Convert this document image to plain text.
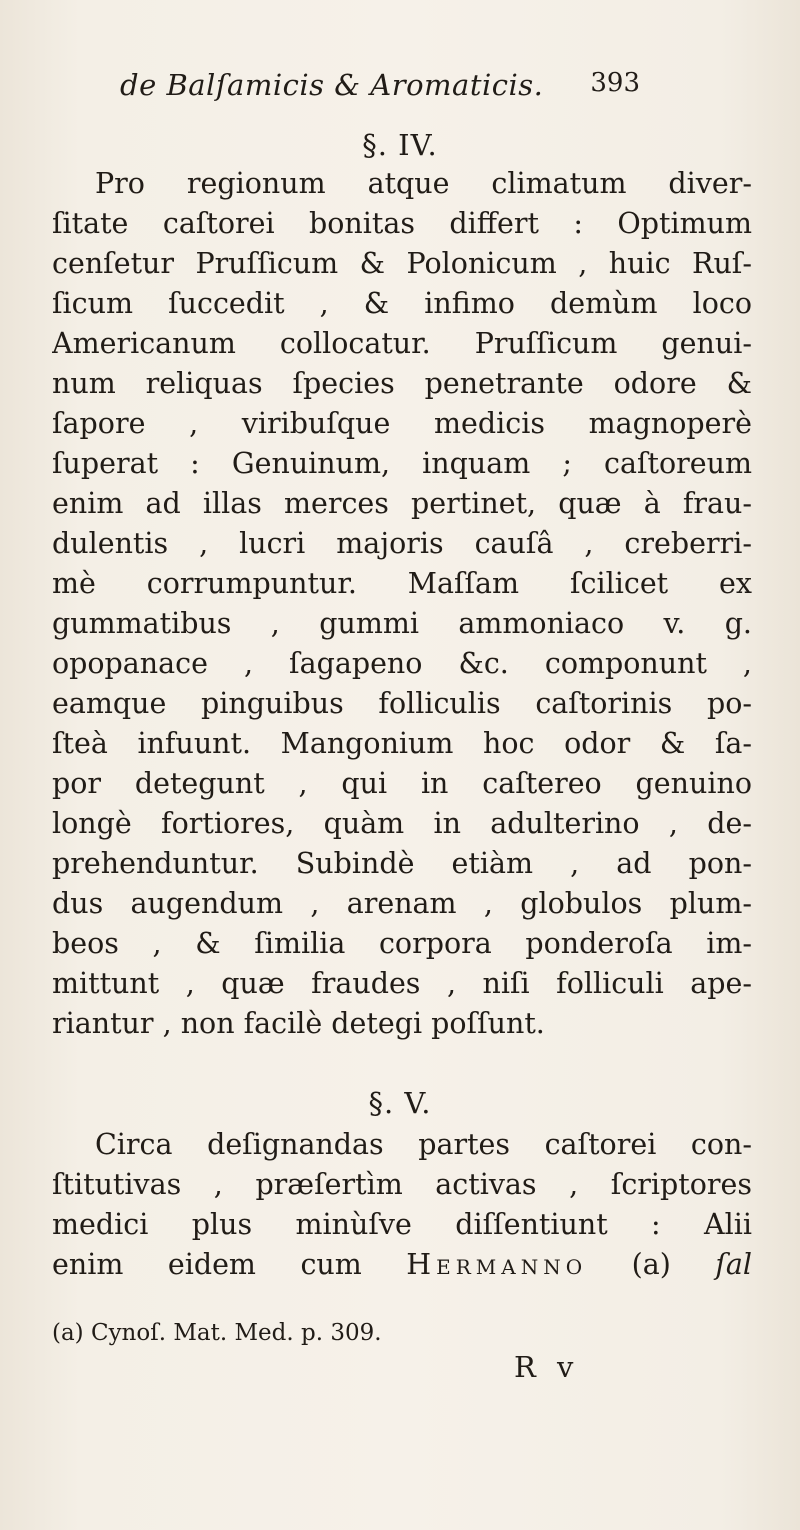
de Balſamicis & Aromaticis. 393
§. IV.
Pro regionum atque climatum diver-
ſitate caſtorei bonitas differt : Optimum
cenſetur Pruſſicum & Polonicum , huic Ruſ-
ſicum ſuccedit , & infimo demùm loco
Americanum collocatur. Pruſſicum genui-
num reliquas ſpecies penetrante odore &
ſapore , viribuſque medicis magnoperè
ſuperat : Genuinum, inquam ; caſtoreum
enim ad illas merces pertinet, quæ à frau-
dulentis , lucri majoris cauſâ , creberri-
mè corrumpuntur. Maſſam ſcilicet ex
gummatibus , gummi ammoniaco v. g.
opopanace , ſagapeno &c. componunt ,
eamque pinguibus folliculis caſtorinis po-
ſteà infuunt. Mangonium hoc odor & ſa-
por detegunt , qui in caſtereo genuino
longè fortiores, quàm in adulterino , de-
prehenduntur. Subindè etiàm , ad pon-
dus augendum , arenam , globulos plum-
beos , & ſimilia corpora ponderoſa im-
mittunt , quæ fraudes , niſi folliculi ape-
riantur , non facilè detegi poſſunt.
§. V.
Circa deſignandas partes caſtorei con-
ſtitutivas , præſertìm activas , ſcriptores
medici plus minùſve diſſentiunt : Alii
enim eidem cum Hermanno (a) ſal
(a) Cynoſ. Mat. Med. p. 309.
R v
